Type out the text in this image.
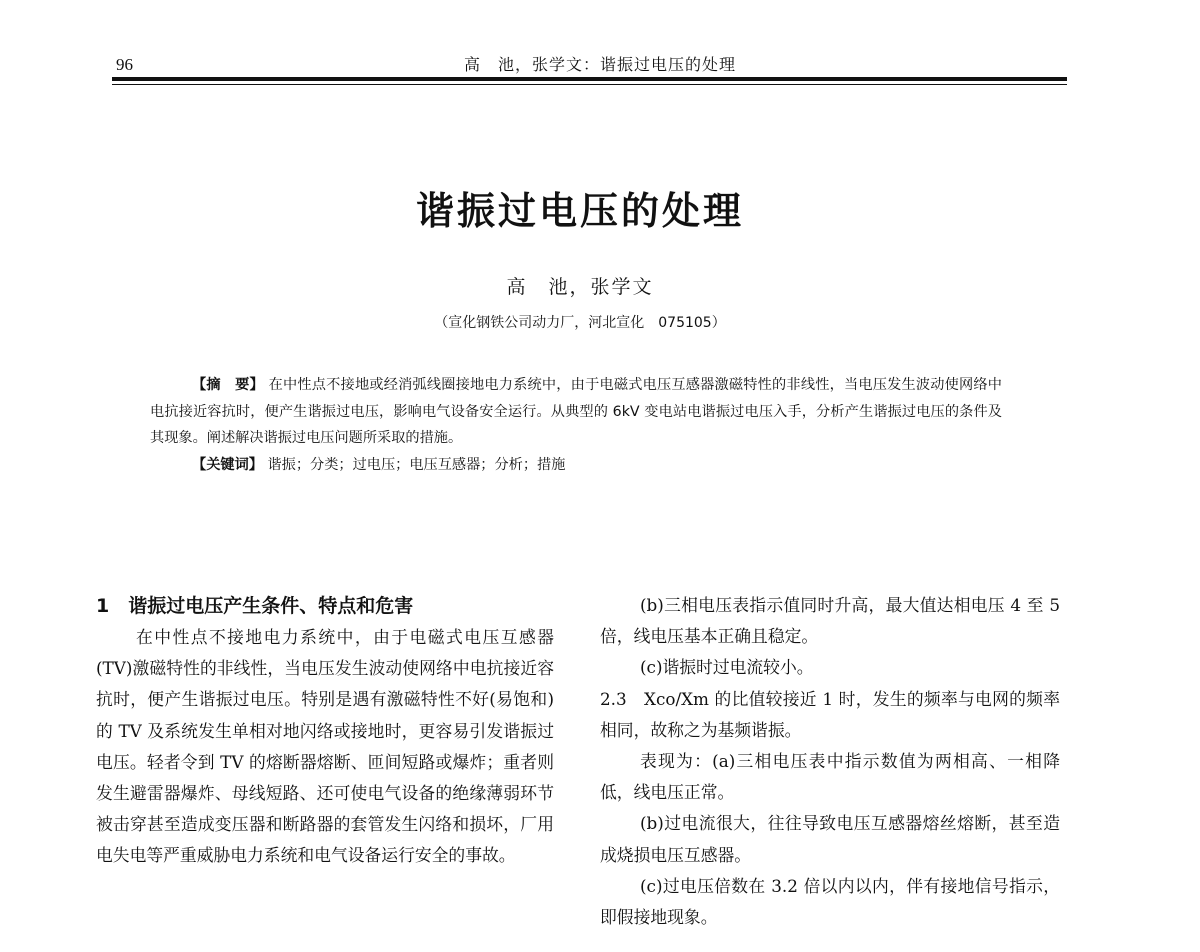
96	高　池，张学文：谐振过电压的处理
谐振过电压的处理
高　池，张学文
（宣化钢铁公司动力厂，河北宣化　075105）

【摘　要】 在中性点不接地或经消弧线圈接地电力系统中，由于电磁式电压互感器激磁特性的非线性，当电压发生波动使网络中电抗接近容抗时，便产生谐振过电压，影响电气设备安全运行。从典型的 6kV 变电站电谐振过电压入手，分析产生谐振过电压的条件及其现象。阐述解决谐振过电压问题所采取的措施。

【关键词】 谐振；分类；过电压；电压互感器；分析；措施

1　谐振过电压产生条件、特点和危害

在中性点不接地电力系统中，由于电磁式电压互感器(TV)激磁特性的非线性，当电压发生波动使网络中电抗接近容抗时，便产生谐振过电压。特别是遇有激磁特性不好(易饱和)的 TV 及系统发生单相对地闪络或接地时，更容易引发谐振过电压。轻者令到 TV 的熔断器熔断、匝间短路或爆炸；重者则发生避雷器爆炸、母线短路、还可使电气设备的绝缘薄弱环节被击穿甚至造成变压器和断路器的套管发生闪络和损坏，厂用电失电等严重威胁电力系统和电气设备运行安全的事故。

(b)三相电压表指示值同时升高，最大值达相电压 4 至 5 倍，线电压基本正确且稳定。

(c)谐振时过电流较小。

2.3　Xco/Xm 的比值较接近 1 时，发生的频率与电网的频率相同，故称之为基频谐振。

表现为：(a)三相电压表中指示数值为两相高、一相降低，线电压正常。

(b)过电流很大，往往导致电压互感器熔丝熔断，甚至造成烧损电压互感器。

(c)过电压倍数在 3.2 倍以内以内，伴有接地信号指示，即假接地现象。
